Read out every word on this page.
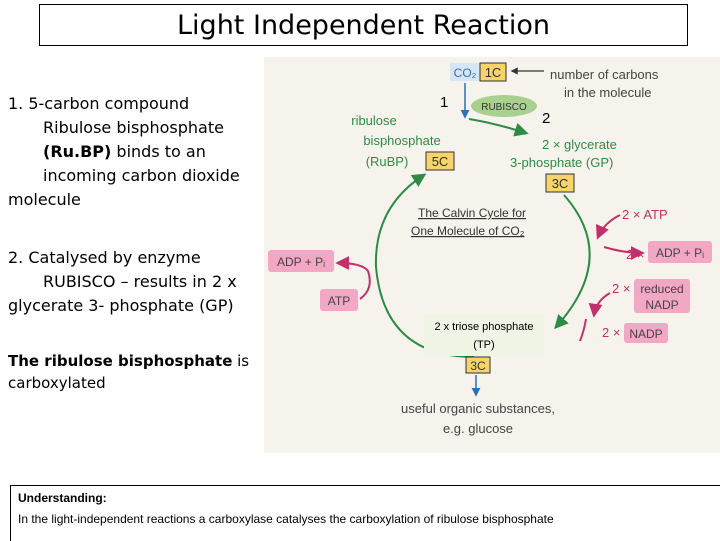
Light Independent Reaction
1. 5-carbon compound

Ribulose bisphosphate
(Ru.BP) binds to an
incoming carbon dioxide
molecule
2. Catalysed by enzyme

RUBISCO – results in 2 x
glycerate 3- phosphate (GP)
The ribulose bisphosphate is
carboxylated
CO₂ 1C	number of carbons
in the molecule
1
2
RUBISCO
ribulose
bisphosphate
(RuBP) 5C
2 × glycerate
3-phosphate (GP)
3C
The Calvin Cycle for
One Molecule of CO₂
2 × ATP
2 × ADP + Pᵢ
2 × reduced
NADP
2 × NADP
ADP + Pᵢ
ATP
2 x triose phosphate
(TP)
3C
useful organic substances,
e.g. glucose
Understanding:
In the light-independent reactions a carboxylase catalyses the carboxylation of ribulose bisphosphate
